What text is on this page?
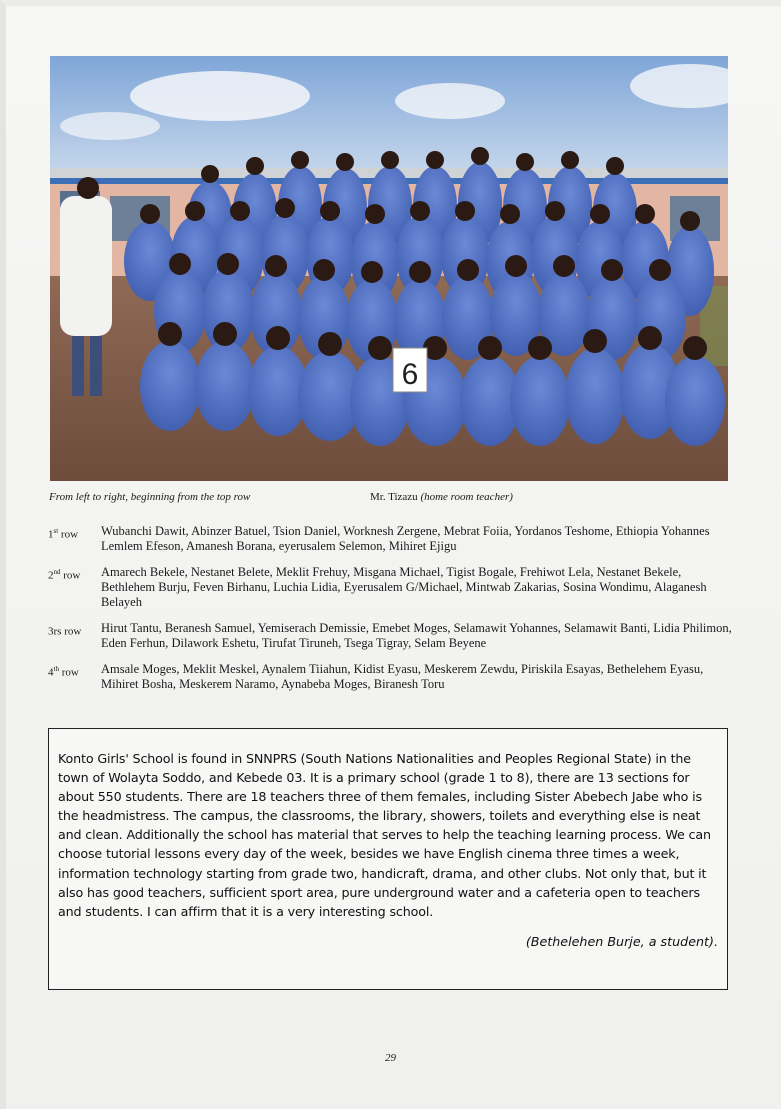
6
From left to right, beginning from the top row	Mr. Tizazu (home room teacher)
1st row	Wubanchi Dawit, Abinzer Batuel, Tsion Daniel, Worknesh Zergene, Mebrat Foiia, Yordanos Teshome, Ethiopia Yohannes Lemlem Efeson, Amanesh Borana, eyerusalem Selemon, Mihiret Ejigu
2nd row	Amarech Bekele, Nestanet Belete, Meklit Frehuy, Misgana Michael, Tigist Bogale, Frehiwot Lela, Nestanet Bekele, Bethlehem Burju, Feven Birhanu, Luchia Lidia, Eyerusalem G/Michael, Mintwab Zakarias, Sosina Wondimu, Alaganesh Belayeh
3rs row	Hirut Tantu, Beranesh Samuel, Yemiserach Demissie, Emebet Moges, Selamawit Yohannes, Selamawit Banti, Lidia Philimon, Eden Ferhun, Dilawork Eshetu, Tirufat Tiruneh, Tsega Tigray, Selam Beyene
4th row	Amsale Moges, Meklit Meskel, Aynalem Tiiahun, Kidist Eyasu, Meskerem Zewdu, Piriskila Esayas, Bethelehem Eyasu, Mihiret Bosha, Meskerem Naramo, Aynabeba Moges, Biranesh Toru

Konto Girls' School is found in SNNPRS (South Nations Nationalities and Peoples Regional State) in the town of Wolayta Soddo, and Kebede 03. It is a primary school (grade 1 to 8), there are 13 sections for about 550 students. There are 18 teachers three of them females, including Sister Abebech Jabe who is the headmistress. The campus, the classrooms, the library, showers, toilets and everything else is neat and clean. Additionally the school has material that serves to help the teaching learning process. We can choose tutorial lessons every day of the week, besides we have English cinema three times a week, information technology starting from grade two, handicraft, drama, and other clubs. Not only that, but it also has good teachers, sufficient sport area, pure underground water and a cafeteria open to teachers and students. I can affirm that it is a very interesting school.

(Bethelehen Burje, a student).
29
